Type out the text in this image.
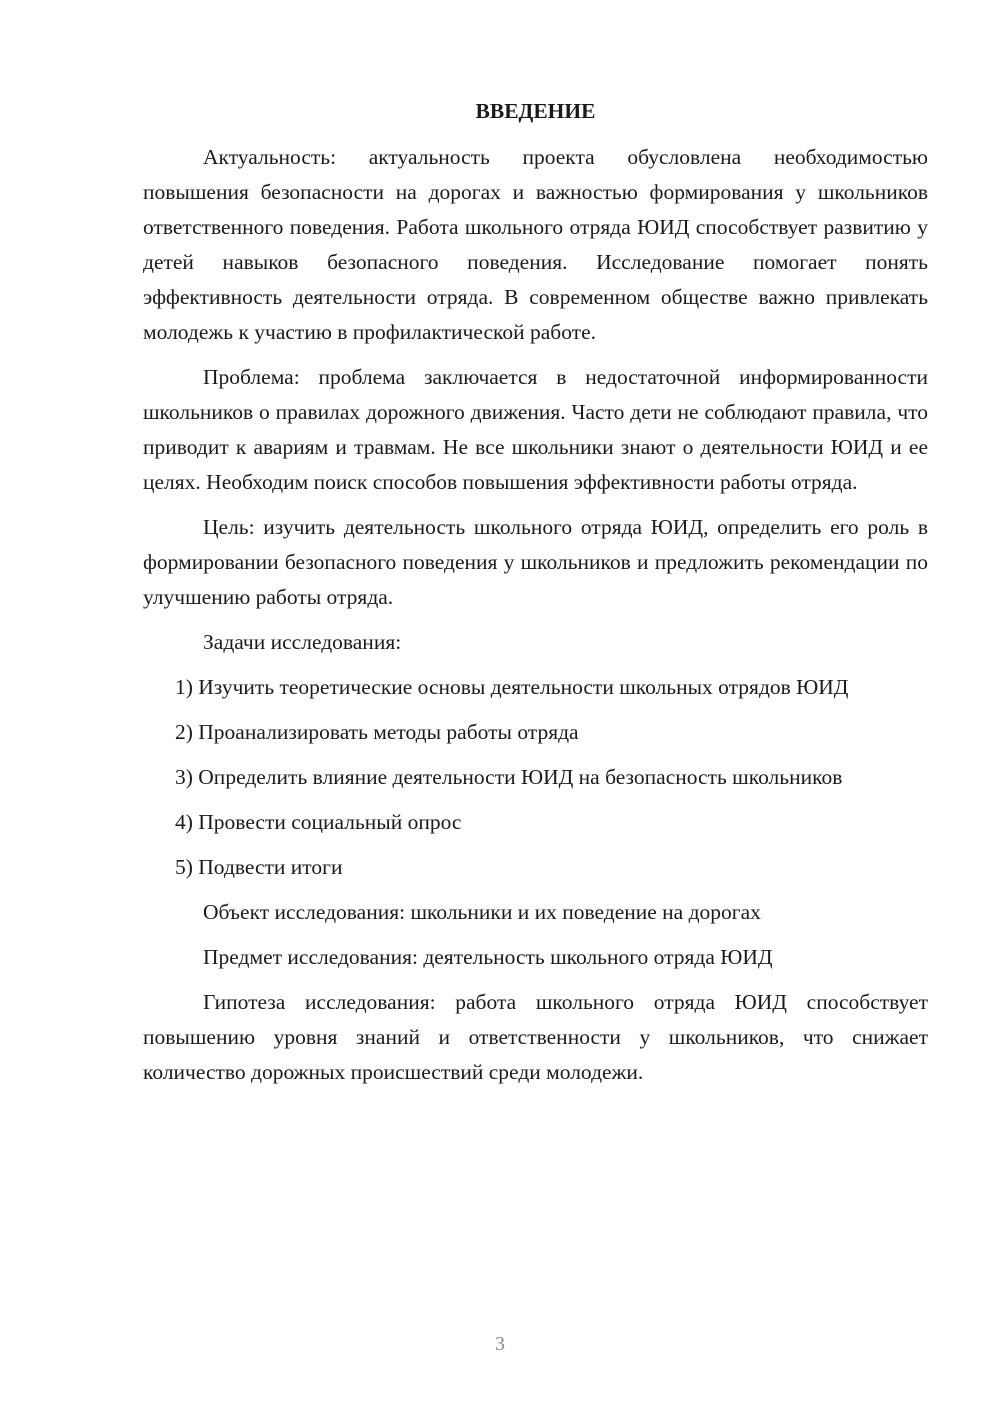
ВВЕДЕНИЕ

Актуальность: актуальность проекта обусловлена необходимостью повышения безопасности на дорогах и важностью формирования у школьников ответственного поведения. Работа школьного отряда ЮИД способствует развитию у детей навыков безопасного поведения. Исследование помогает понять эффективность деятельности отряда. В современном обществе важно привлекать молодежь к участию в профилактической работе.

Проблема: проблема заключается в недостаточной информированности школьников о правилах дорожного движения. Часто дети не соблюдают правила, что приводит к авариям и травмам. Не все школьники знают о деятельности ЮИД и ее целях. Необходим поиск способов повышения эффективности работы отряда.

Цель: изучить деятельность школьного отряда ЮИД, определить его роль в формировании безопасного поведения у школьников и предложить рекомендации по улучшению работы отряда.

Задачи исследования:

1) Изучить теоретические основы деятельности школьных отрядов ЮИД

2) Проанализировать методы работы отряда

3) Определить влияние деятельности ЮИД на безопасность школьников

4) Провести социальный опрос

5) Подвести итоги

Объект исследования: школьники и их поведение на дорогах

Предмет исследования: деятельность школьного отряда ЮИД

Гипотеза исследования: работа школьного отряда ЮИД способствует повышению уровня знаний и ответственности у школьников, что снижает количество дорожных происшествий среди молодежи.

3
